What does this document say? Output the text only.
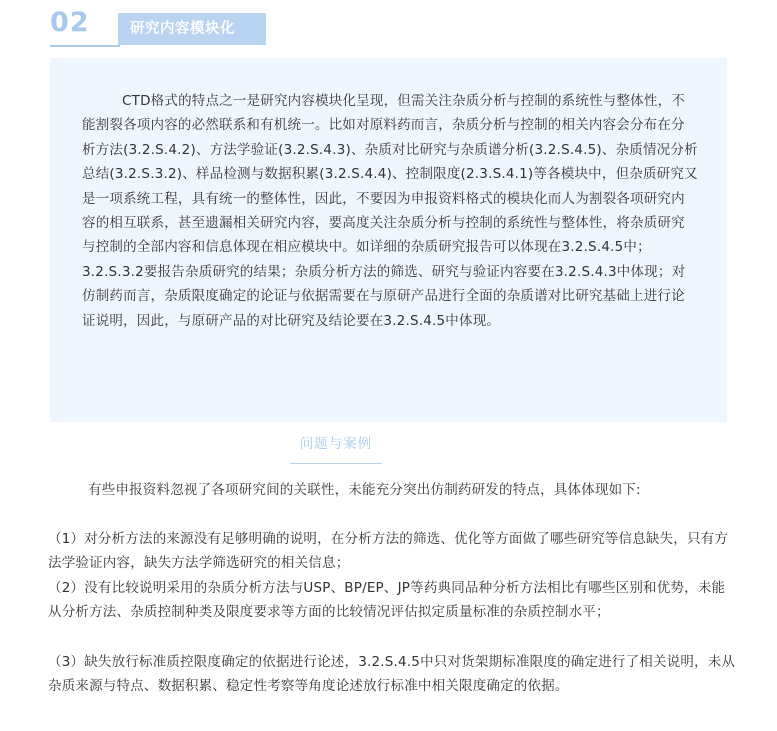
02	研究内容模块化

CTD格式的特点之一是研究内容模块化呈现，但需关注杂质分析与控制的系统性与整体性，不能割裂各项内容的必然联系和有机统一。比如对原料药而言，杂质分析与控制的相关内容会分布在分析方法(3.2.S.4.2)、方法学验证(3.2.S.4.3)、杂质对比研究与杂质谱分析(3.2.S.4.5)、杂质情况分析总结(3.2.S.3.2)、样品检测与数据积累(3.2.S.4.4)、控制限度(2.3.S.4.1)等各模块中，但杂质研究又是一项系统工程，具有统一的整体性，因此，不要因为申报资料格式的模块化而人为割裂各项研究内容的相互联系，甚至遗漏相关研究内容，要高度关注杂质分析与控制的系统性与整体性，将杂质研究与控制的全部内容和信息体现在相应模块中。如详细的杂质研究报告可以体现在3.2.S.4.5中；3.2.S.3.2要报告杂质研究的结果；杂质分析方法的筛选、研究与验证内容要在3.2.S.4.3中体现；对仿制药而言，杂质限度确定的论证与依据需要在与原研产品进行全面的杂质谱对比研究基础上进行论证说明，因此，与原研产品的对比研究及结论要在3.2.S.4.5中体现。

问题与案例

有些申报资料忽视了各项研究间的关联性，未能充分突出仿制药研发的特点，具体体现如下:

（1）对分析方法的来源没有足够明确的说明，在分析方法的筛选、优化等方面做了哪些研究等信息缺失，只有方法学验证内容，缺失方法学筛选研究的相关信息；

（2）没有比较说明采用的杂质分析方法与USP、BP/EP、JP等药典同品种分析方法相比有哪些区别和优势，未能从分析方法、杂质控制种类及限度要求等方面的比较情况评估拟定质量标准的杂质控制水平；

（3）缺失放行标准质控限度确定的依据进行论述，3.2.S.4.5中只对货架期标准限度的确定进行了相关说明，未从杂质来源与特点、数据积累、稳定性考察等角度论述放行标准中相关限度确定的依据。
